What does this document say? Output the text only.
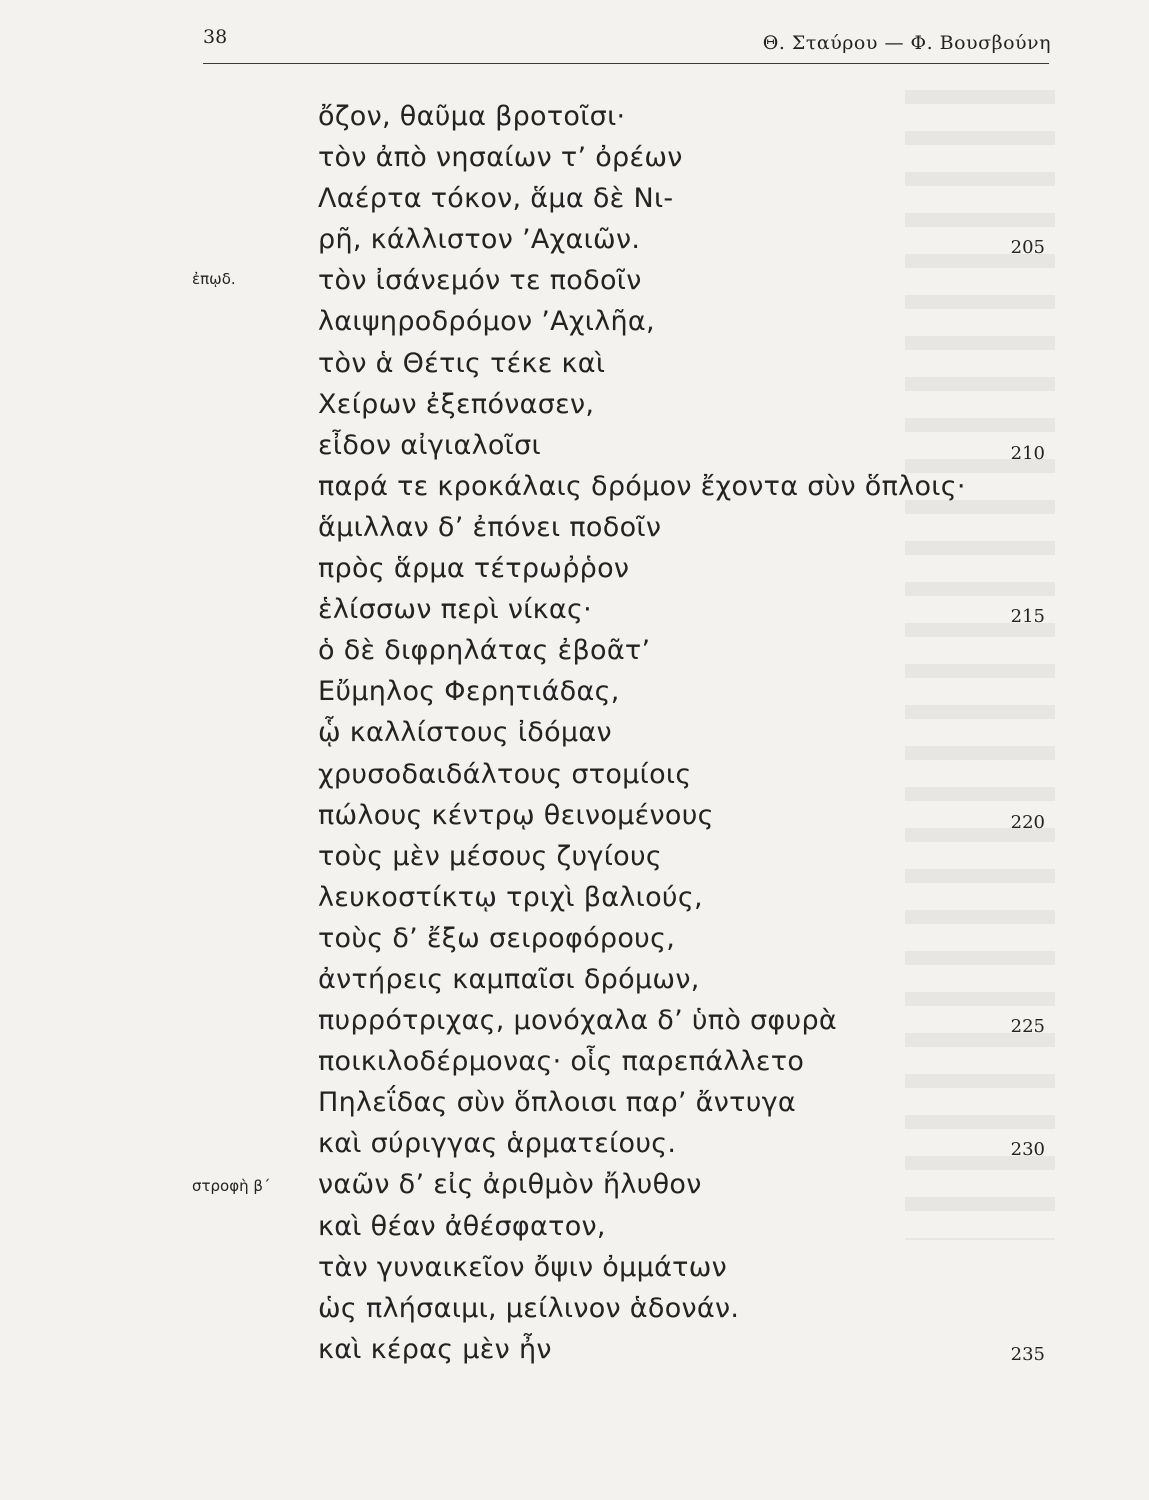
38	Θ. Σταύρου — Φ. Βουσβούνη
ὄζον, θαῦμα βροτοῖσι·
τὸν ἀπὸ νησαίων τ’ ὀρέων
Λαέρτα τόκον, ἅμα δὲ Νι-
ρῆ, κάλλιστον ’Αχαιῶν.
τὸν ἰσάνεμόν τε ποδοῖν
λαιψηροδρόμον ’Αχιλῆα,
τὸν ἁ Θέτις τέκε καὶ
Χείρων ἐξεπόνασεν,
εἶδον αἰγιαλοῖσι
παρά τε κροκάλαις δρόμον ἔχοντα σὺν ὅπλοις·
ἅμιλλαν δ’ ἐπόνει ποδοῖν
πρὸς ἅρμα τέτρωῤῥον
ἑλίσσων περὶ νίκας·
ὁ δὲ διφρηλάτας ἐβοᾶτ’
Εὔμηλος Φερητιάδας,
ᾧ καλλίστους ἰδόμαν
χρυσοδαιδάλτους στομίοις
πώλους κέντρῳ θεινομένους
τοὺς μὲν μέσους ζυγίους
λευκοστίκτῳ τριχὶ βαλιούς,
τοὺς δ’ ἔξω σειροφόρους,
ἀντήρεις καμπαῖσι δρόμων,
πυρρότριχας, μονόχαλα δ’ ὑπὸ σφυρὰ
ποικιλοδέρμονας· οἷς παρεπάλλετο
Πηλεΐδας σὺν ὅπλοισι παρ’ ἄντυγα
καὶ σύριγγας ἁρματείους.
ναῶν δ’ εἰς ἀριθμὸν ἤλυθον
καὶ θέαν ἀθέσφατον,
τὰν γυναικεῖον ὄψιν ὀμμάτων
ὡς πλήσαιμι, μείλινον ἁδονάν.
καὶ κέρας μὲν ἦν
ἐπῳδ.
στροφὴ β΄
205
210
215
220
225
230
235
